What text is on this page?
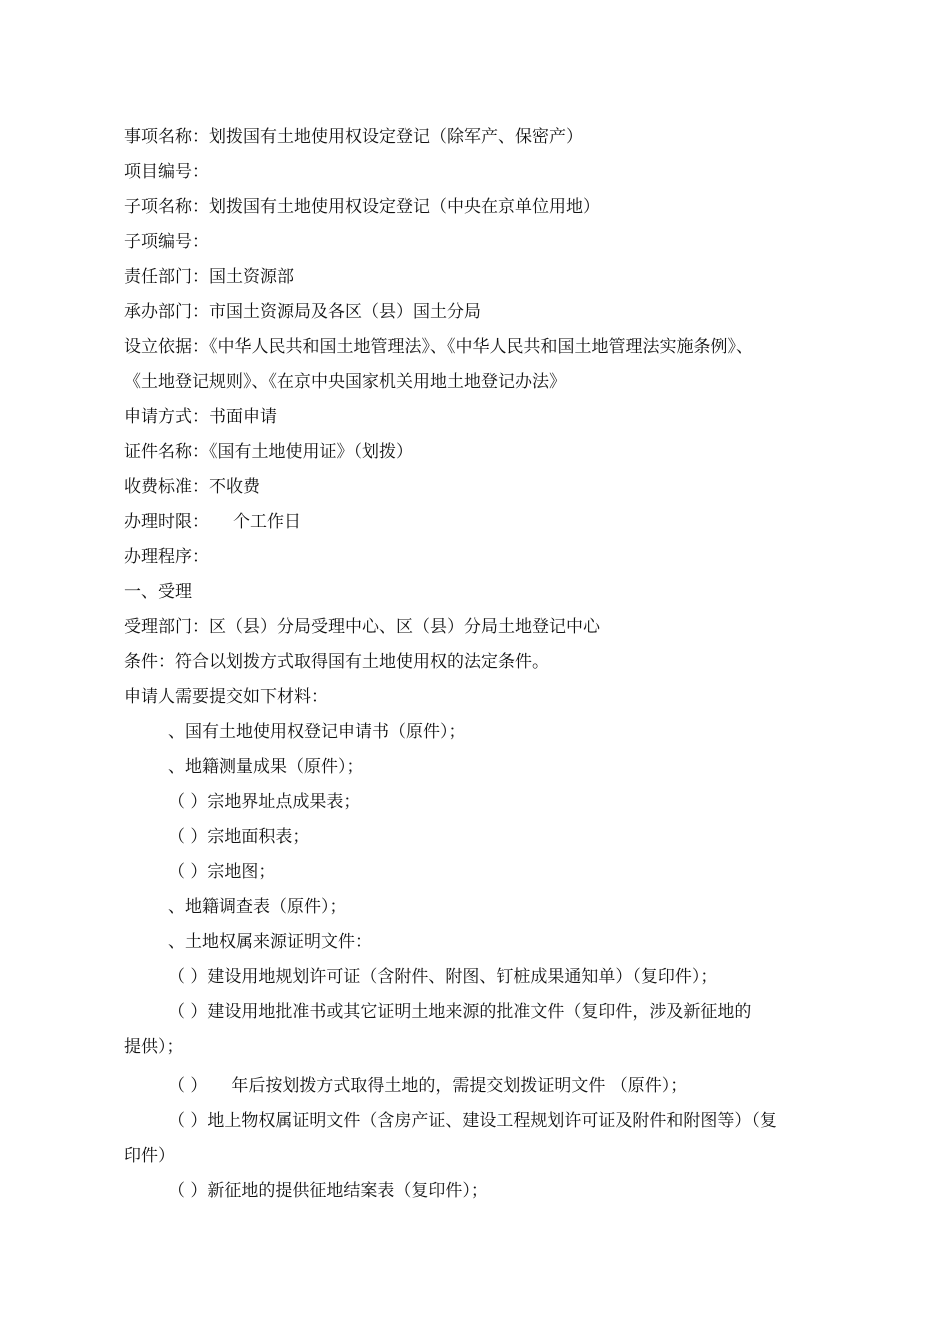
事项名称：划拨国有土地使用权设定登记（除军产、保密产）
项目编号：
子项名称：划拨国有土地使用权设定登记（中央在京单位用地）
子项编号：
责任部门：国土资源部
承办部门：市国土资源局及各区（县）国土分局
设立依据：《中华人民共和国土地管理法》、《中华人民共和国土地管理法实施条例》、
《土地登记规则》、《在京中央国家机关用地土地登记办法》
申请方式：书面申请
证件名称：《国有土地使用证》（划拨）
收费标准：不收费
办理时限： 个工作日
办理程序：
一、受理
受理部门：区（县）分局受理中心、区（县）分局土地登记中心
条件：符合以划拨方式取得国有土地使用权的法定条件。
申请人需要提交如下材料：
、国有土地使用权登记申请书（原件）；
、地籍测量成果（原件）；
（ ）宗地界址点成果表；
（ ）宗地面积表；
（ ）宗地图；
、地籍调查表（原件）；
、土地权属来源证明文件：
（ ）建设用地规划许可证（含附件、附图、钉桩成果通知单）（复印件）；
（ ）建设用地批准书或其它证明土地来源的批准文件（复印件，涉及新征地的
提供）；
（ ） 年后按划拨方式取得土地的，需提交划拨证明文件 （原件）；
（ ）地上物权属证明文件（含房产证、建设工程规划许可证及附件和附图等）（复
印件）
（ ）新征地的提供征地结案表（复印件）；
